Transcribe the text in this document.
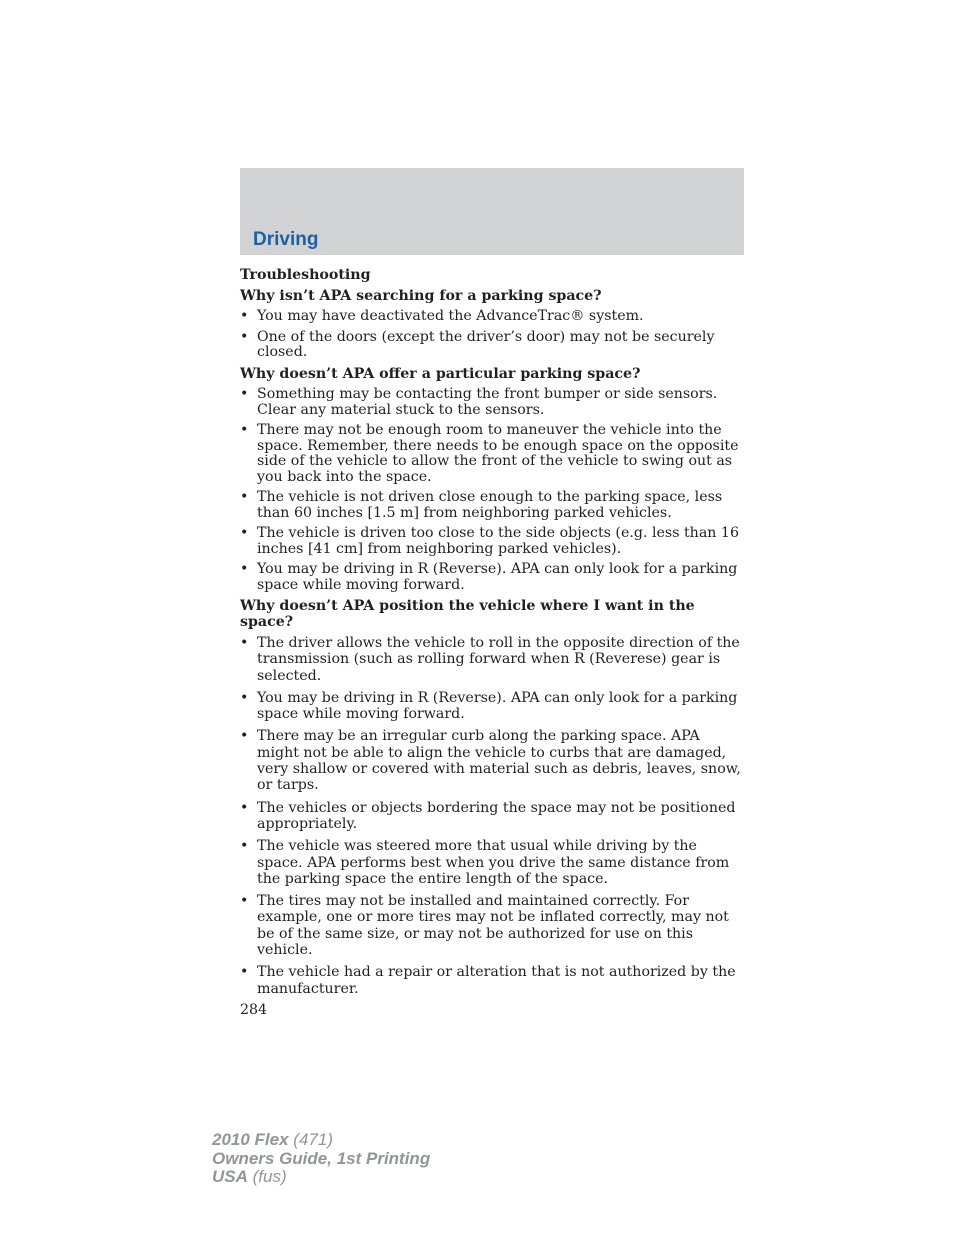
Driving
Troubleshooting
Why isn’t APA searching for a parking space?
• You may have deactivated the AdvanceTrac® system.
• One of the doors (except the driver’s door) may not be securely closed.
Why doesn’t APA offer a particular parking space?
• Something may be contacting the front bumper or side sensors. Clear any material stuck to the sensors.
• There may not be enough room to maneuver the vehicle into the space. Remember, there needs to be enough space on the opposite side of the vehicle to allow the front of the vehicle to swing out as you back into the space.
• The vehicle is not driven close enough to the parking space, less than 60 inches [1.5 m] from neighboring parked vehicles.
• The vehicle is driven too close to the side objects (e.g. less than 16 inches [41 cm] from neighboring parked vehicles).
• You may be driving in R (Reverse). APA can only look for a parking space while moving forward.
Why doesn’t APA position the vehicle where I want in the space?
• The driver allows the vehicle to roll in the opposite direction of the transmission (such as rolling forward when R (Reverese) gear is selected.
• You may be driving in R (Reverse). APA can only look for a parking space while moving forward.
• There may be an irregular curb along the parking space. APA might not be able to align the vehicle to curbs that are damaged, very shallow or covered with material such as debris, leaves, snow, or tarps.
• The vehicles or objects bordering the space may not be positioned appropriately.
• The vehicle was steered more that usual while driving by the space. APA performs best when you drive the same distance from the parking space the entire length of the space.
• The tires may not be installed and maintained correctly. For example, one or more tires may not be inflated correctly, may not be of the same size, or may not be authorized for use on this vehicle.
• The vehicle had a repair or alteration that is not authorized by the manufacturer.
284
2010 Flex (471)
Owners Guide, 1st Printing
USA (fus)
